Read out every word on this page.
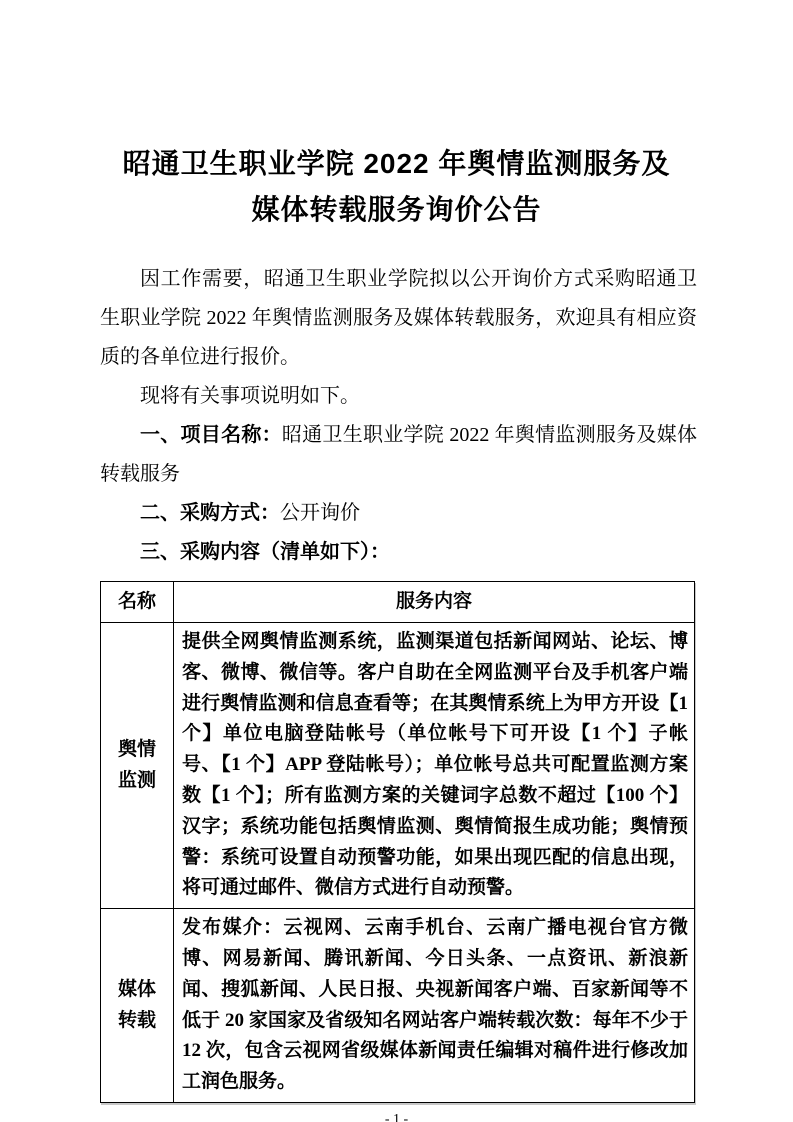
昭通卫生职业学院 2022 年舆情监测服务及
媒体转载服务询价公告

因工作需要，昭通卫生职业学院拟以公开询价方式采购昭通卫生职业学院 2022 年舆情监测服务及媒体转载服务，欢迎具有相应资质的各单位进行报价。

现将有关事项说明如下。

一、项目名称：昭通卫生职业学院 2022 年舆情监测服务及媒体转载服务

二、采购方式：公开询价

三、采购内容（清单如下）：

名称	服务内容
舆情监测	提供全网舆情监测系统，监测渠道包括新闻网站、论坛、博客、微博、微信等。客户自助在全网监测平台及手机客户端进行舆情监测和信息查看等；在其舆情系统上为甲方开设【1 个】单位电脑登陆帐号（单位帐号下可开设【1 个】子帐号、【1 个】APP 登陆帐号）；单位帐号总共可配置监测方案数【1 个】；所有监测方案的关键词字总数不超过【100 个】汉字；系统功能包括舆情监测、舆情简报生成功能；舆情预警：系统可设置自动预警功能，如果出现匹配的信息出现，将可通过邮件、微信方式进行自动预警。
媒体转载	发布媒介：云视网、云南手机台、云南广播电视台官方微博、网易新闻、腾讯新闻、今日头条、一点资讯、新浪新闻、搜狐新闻、人民日报、央视新闻客户端、百家新闻等不低于 20 家国家及省级知名网站客户端转载次数：每年不少于 12 次，包含云视网省级媒体新闻责任编辑对稿件进行修改加工润色服务。
- 1 -
